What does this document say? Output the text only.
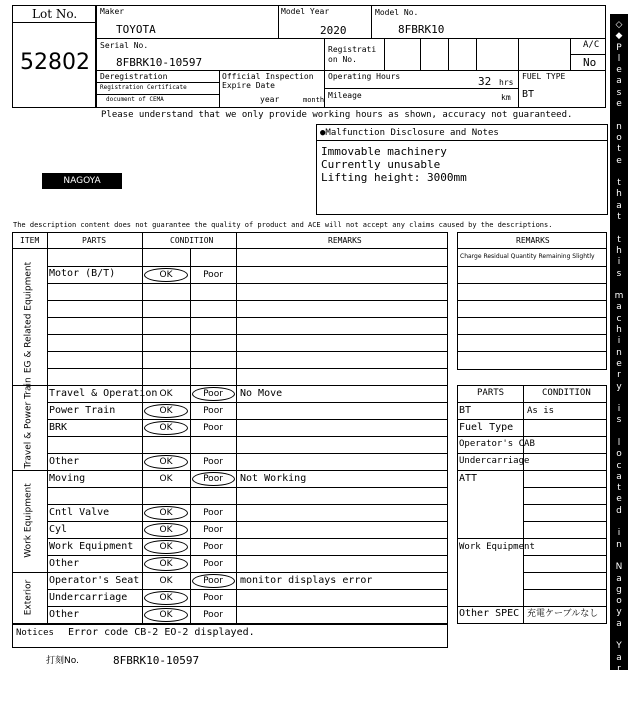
Lot No.
52802
Maker
TOYOTA
Model Year
2020
Model No.
8FBRK10
Serial No.
8FBRK10-10597
Registrati on No.
A/C
No
Deregistration
Registration Certificate
document of CEMA
Official Inspection Expire Date
year	month
Operating Hours	32 hrs
Mileage	km
FUEL TYPE
BT
Please understand that we only provide working hours as shown, accuracy not guaranteed.
NAGOYA
●Malfunction Disclosure and Notes
Immovable machinery
Currently unusable
Lifting height: 3000mm
The description content does not guarantee the quality of product and ACE will not accept any claims caused by the descriptions.
ITEM	PARTS	CONDITION	REMARKS
EG & Related Equipment
Travel & Power Train
Work Equipment
Exterior
Motor (B/T)	OK	Poor
Travel & Operation OK	Poor	No Move
Power Train	OK	Poor
BRK	OK	Poor
Other	OK	Poor
Moving	OK	Poor	Not Working
Cntl Valve	OK	Poor
Cyl	OK	Poor
Work Equipment	OK	Poor
Other	OK	Poor
Operator's Seat	OK	Poor	monitor displays error
Undercarriage	OK	Poor
Other	OK	Poor
REMARKS
Charge Residual Quantity Remaining Slightly
PARTS	CONDITION
BT	As is
Fuel Type
Operator's CAB
Undercarriage
ATT
Work Equipment
Other SPEC 充電ケーブルなし
Notices Error code CB-2 EO-2 displayed.
打刻No.	8FBRK10-10597
◇
◆
P
l
e
a
s
e

n
o
t
e

t
h
a
t

t
h
i
s

m
a
c
h
i
n
e
r
y

i
s

l
o
c
a
t
e
d

i
n

N
a
g
o
y
a

Y
a
r
d
◆
◇
